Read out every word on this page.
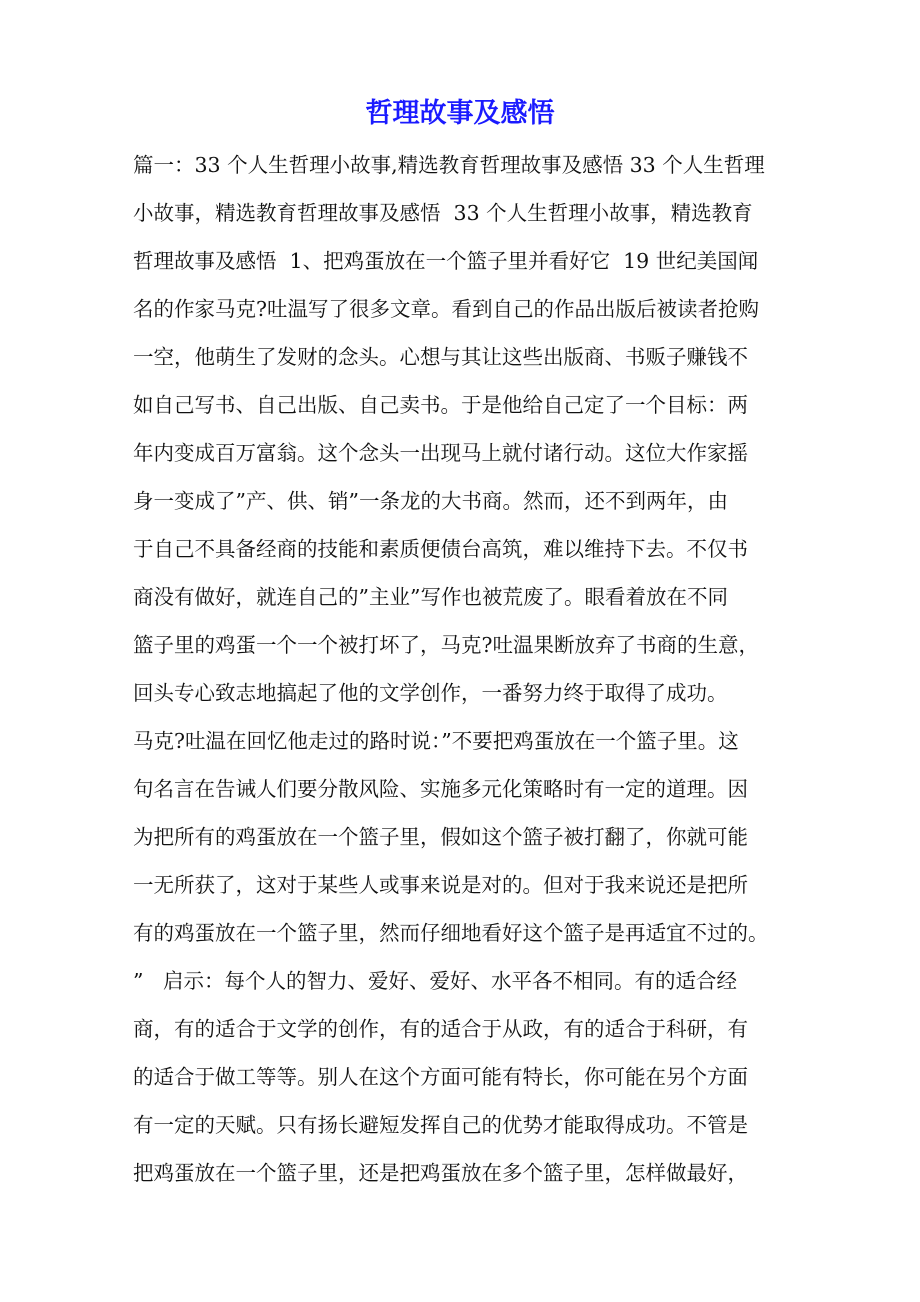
哲理故事及感悟
篇一：33 个人生哲理小故事,精选教育哲理故事及感悟 33 个人生哲理
小故事，精选教育哲理故事及感悟  33 个人生哲理小故事，精选教育
哲理故事及感悟  1、把鸡蛋放在一个篮子里并看好它  19 世纪美国闻
名的作家马克?吐温写了很多文章。看到自己的作品出版后被读者抢购
一空，他萌生了发财的念头。心想与其让这些出版商、书贩子赚钱不
如自己写书、自己出版、自己卖书。于是他给自己定了一个目标：两
年内变成百万富翁。这个念头一出现马上就付诸行动。这位大作家摇
身一变成了”产、供、销”一条龙的大书商。然而，还不到两年，由
于自己不具备经商的技能和素质便债台高筑，难以维持下去。不仅书
商没有做好，就连自己的”主业”写作也被荒废了。眼看着放在不同
篮子里的鸡蛋一个一个被打坏了，马克?吐温果断放弃了书商的生意，
回头专心致志地搞起了他的文学创作，一番努力终于取得了成功。
马克?吐温在回忆他走过的路时说：”不要把鸡蛋放在一个篮子里。这
句名言在告诫人们要分散风险、实施多元化策略时有一定的道理。因
为把所有的鸡蛋放在一个篮子里，假如这个篮子被打翻了，你就可能
一无所获了，这对于某些人或事来说是对的。但对于我来说还是把所
有的鸡蛋放在一个篮子里，然而仔细地看好这个篮子是再适宜不过的。
”   启示：每个人的智力、爱好、爱好、水平各不相同。有的适合经
商，有的适合于文学的创作，有的适合于从政，有的适合于科研，有
的适合于做工等等。别人在这个方面可能有特长，你可能在另个方面
有一定的天赋。只有扬长避短发挥自己的优势才能取得成功。不管是
把鸡蛋放在一个篮子里，还是把鸡蛋放在多个篮子里，怎样做最好，
